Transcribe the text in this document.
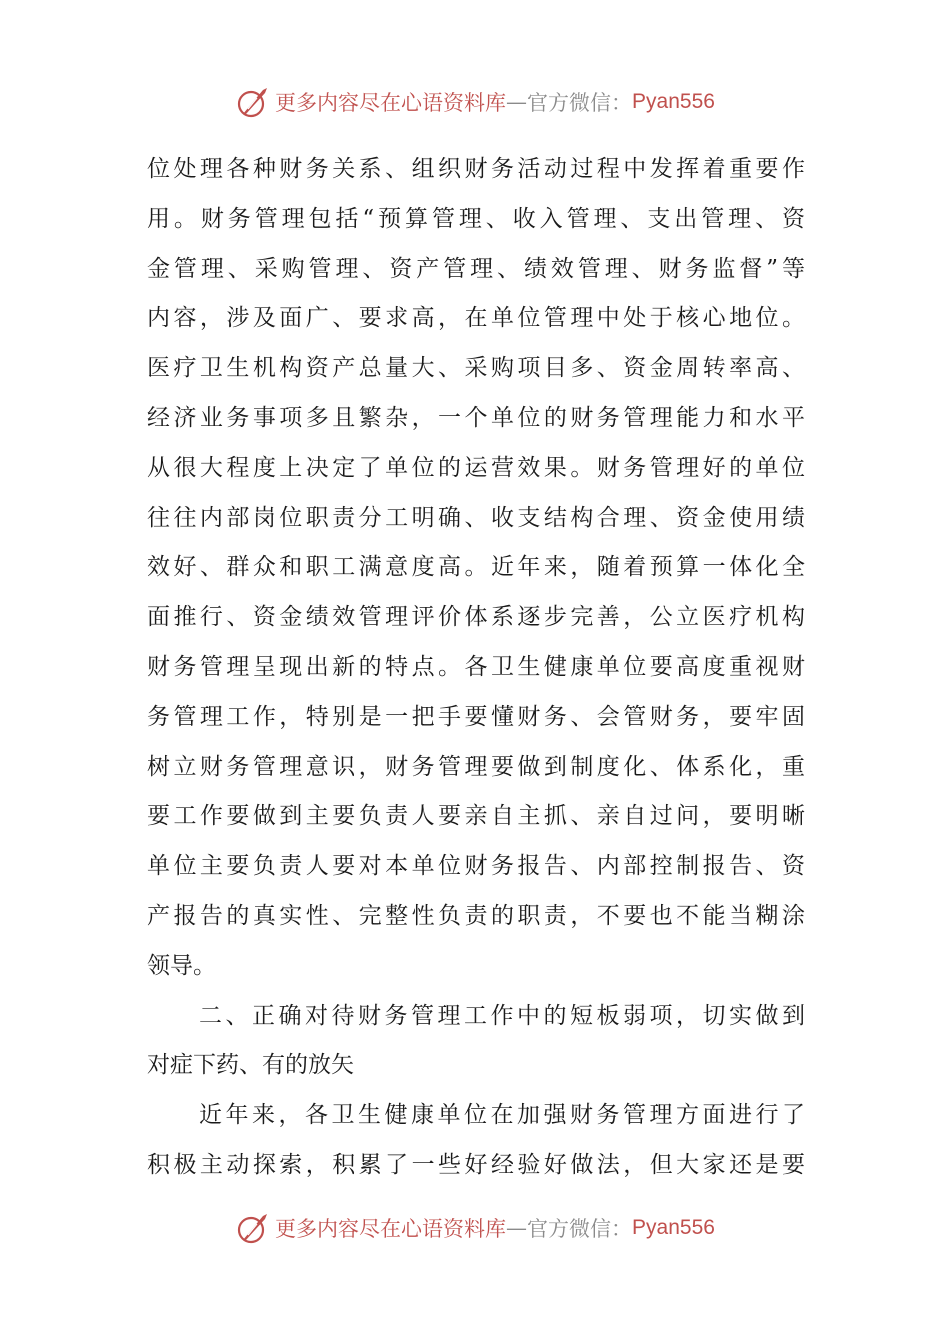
更多内容尽在心语资料库 — 官方微信： Pyan556
位处理各种财务关系、组织财务活动过程中发挥着重要作
用。财务管理包括“预算管理、收入管理、支出管理、资
金管理、采购管理、资产管理、绩效管理、财务监督”等
内容，涉及面广、要求高，在单位管理中处于核心地位。
医疗卫生机构资产总量大、采购项目多、资金周转率高、
经济业务事项多且繁杂，一个单位的财务管理能力和水平
从很大程度上决定了单位的运营效果。财务管理好的单位
往往内部岗位职责分工明确、收支结构合理、资金使用绩
效好、群众和职工满意度高。近年来，随着预算一体化全
面推行、资金绩效管理评价体系逐步完善，公立医疗机构
财务管理呈现出新的特点。各卫生健康单位要高度重视财
务管理工作，特别是一把手要懂财务、会管财务，要牢固
树立财务管理意识，财务管理要做到制度化、体系化，重
要工作要做到主要负责人要亲自主抓、亲自过问，要明晰
单位主要负责人要对本单位财务报告、内部控制报告、资
产报告的真实性、完整性负责的职责，不要也不能当糊涂
领导。
二、正确对待财务管理工作中的短板弱项，切实做到
对症下药、有的放矢
近年来，各卫生健康单位在加强财务管理方面进行了
积极主动探索，积累了一些好经验好做法，但大家还是要
更多内容尽在心语资料库 — 官方微信： Pyan556
